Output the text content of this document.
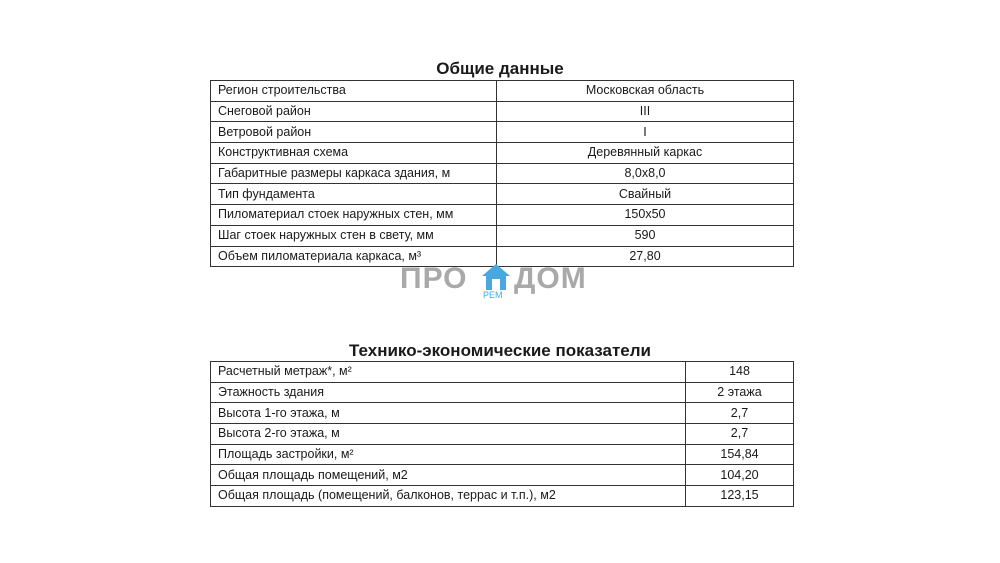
Общие данные
Регион строительства	Московская область
Снеговой район	III
Ветровой район	I
Конструктивная схема	Деревянный каркас
Габаритные размеры каркаса здания, м	8,0х8,0
Тип фундамента	Свайный
Пиломатериал стоек наружных стен, мм	150х50
Шаг стоек наружных стен в свету, мм	590
Объем пиломатериала каркаса, м³	27,80
ПРО РЕМ ДОМ
Технико-экономические показатели
Расчетный метраж*, м²	148
Этажность здания	2 этажа
Высота 1-го этажа, м	2,7
Высота 2-го этажа, м	2,7
Площадь застройки, м²	154,84
Общая площадь помещений, м2	104,20
Общая площадь (помещений, балконов, террас и т.п.), м2	123,15
